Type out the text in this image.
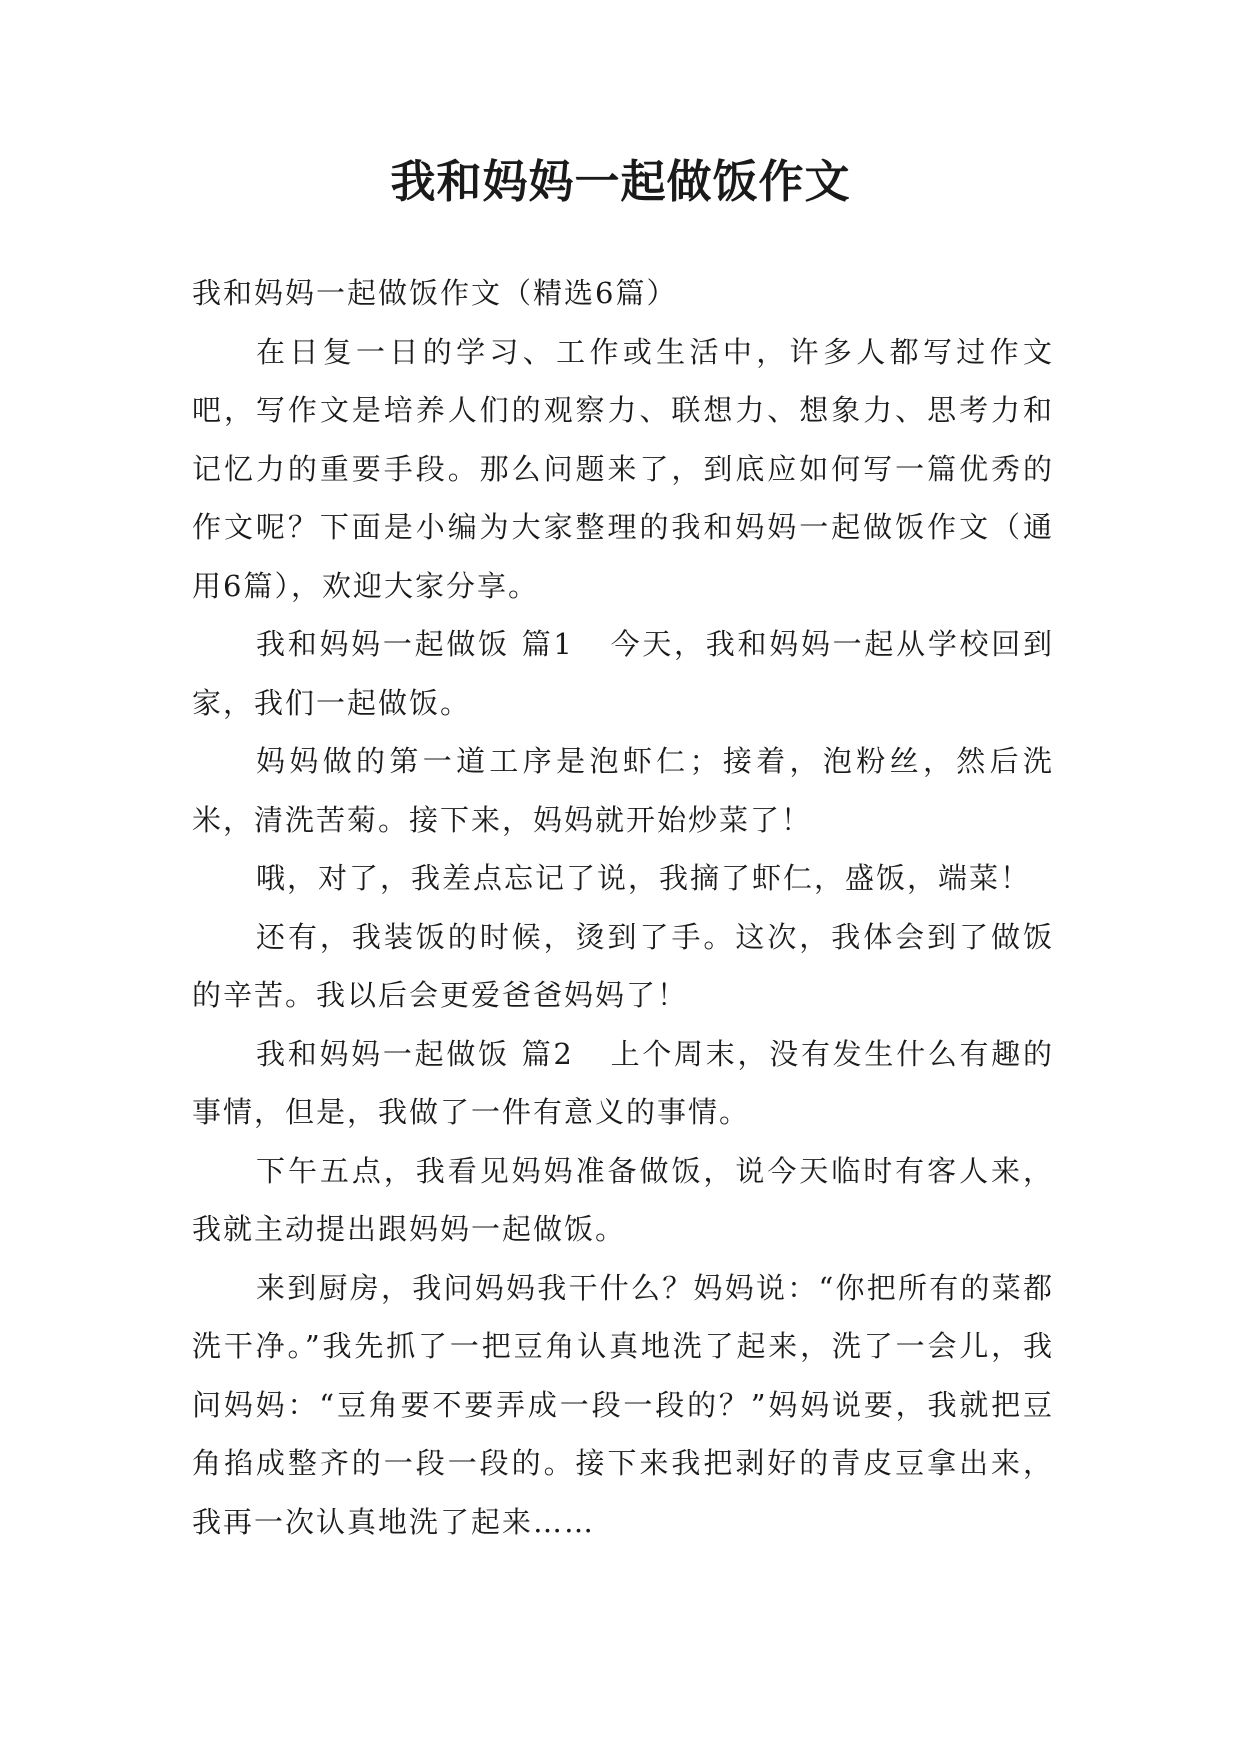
我和妈妈一起做饭作文

我和妈妈一起做饭作文（精选6篇）

在日复一日的学习、工作或生活中，许多人都写过作文吧，写作文是培养人们的观察力、联想力、想象力、思考力和记忆力的重要手段。那么问题来了，到底应如何写一篇优秀的作文呢？下面是小编为大家整理的我和妈妈一起做饭作文（通用6篇），欢迎大家分享。

我和妈妈一起做饭 篇1 今天，我和妈妈一起从学校回到家，我们一起做饭。

妈妈做的第一道工序是泡虾仁；接着，泡粉丝，然后洗米，清洗苦菊。接下来，妈妈就开始炒菜了！

哦，对了，我差点忘记了说，我摘了虾仁，盛饭，端菜！

还有，我装饭的时候，烫到了手。这次，我体会到了做饭的辛苦。我以后会更爱爸爸妈妈了！

我和妈妈一起做饭 篇2 上个周末，没有发生什么有趣的事情，但是，我做了一件有意义的事情。

下午五点，我看见妈妈准备做饭，说今天临时有客人来，我就主动提出跟妈妈一起做饭。

来到厨房，我问妈妈我干什么？妈妈说：“你把所有的菜都洗干净。”我先抓了一把豆角认真地洗了起来，洗了一会儿，我问妈妈：“豆角要不要弄成一段一段的？”妈妈说要，我就把豆角掐成整齐的一段一段的。接下来我把剥好的青皮豆拿出来，我再一次认真地洗了起来……
